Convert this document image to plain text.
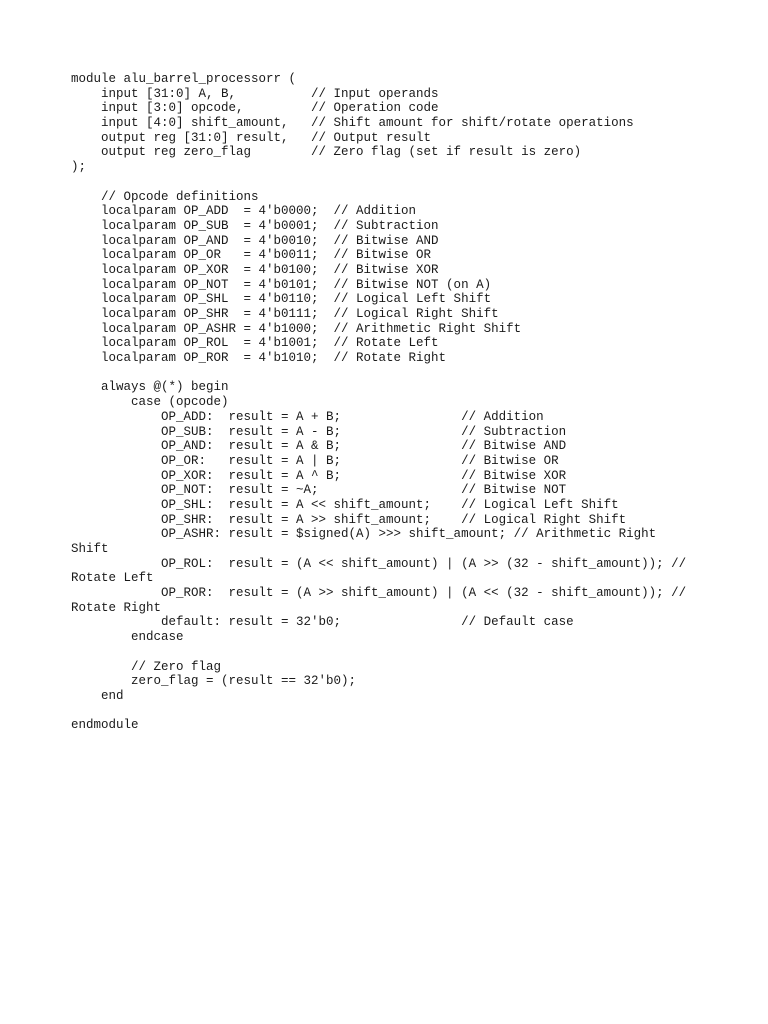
module alu_barrel_processorr (
input [31:0] A, B,          // Input operands
input [3:0] opcode,         // Operation code
input [4:0] shift_amount,   // Shift amount for shift/rotate operations
output reg [31:0] result,   // Output result
output reg zero_flag        // Zero flag (set if result is zero)
);
// Opcode definitions
localparam OP_ADD  = 4'b0000;  // Addition
localparam OP_SUB  = 4'b0001;  // Subtraction
localparam OP_AND  = 4'b0010;  // Bitwise AND
localparam OP_OR   = 4'b0011;  // Bitwise OR
localparam OP_XOR  = 4'b0100;  // Bitwise XOR
localparam OP_NOT  = 4'b0101;  // Bitwise NOT (on A)
localparam OP_SHL  = 4'b0110;  // Logical Left Shift
localparam OP_SHR  = 4'b0111;  // Logical Right Shift
localparam OP_ASHR = 4'b1000;  // Arithmetic Right Shift
localparam OP_ROL  = 4'b1001;  // Rotate Left
localparam OP_ROR  = 4'b1010;  // Rotate Right
always @(*) begin
case (opcode)
OP_ADD:  result = A + B;                // Addition
OP_SUB:  result = A - B;                // Subtraction
OP_AND:  result = A & B;                // Bitwise AND
OP_OR:   result = A | B;                // Bitwise OR
OP_XOR:  result = A ^ B;                // Bitwise XOR
OP_NOT:  result = ~A;                   // Bitwise NOT
OP_SHL:  result = A << shift_amount;    // Logical Left Shift
OP_SHR:  result = A >> shift_amount;    // Logical Right Shift
OP_ASHR: result = $signed(A) >>> shift_amount; // Arithmetic Right
Shift
OP_ROL:  result = (A << shift_amount) | (A >> (32 - shift_amount)); //
Rotate Left
OP_ROR:  result = (A >> shift_amount) | (A << (32 - shift_amount)); //
Rotate Right
default: result = 32'b0;                // Default case
endcase
// Zero flag
zero_flag = (result == 32'b0);
end
endmodule
